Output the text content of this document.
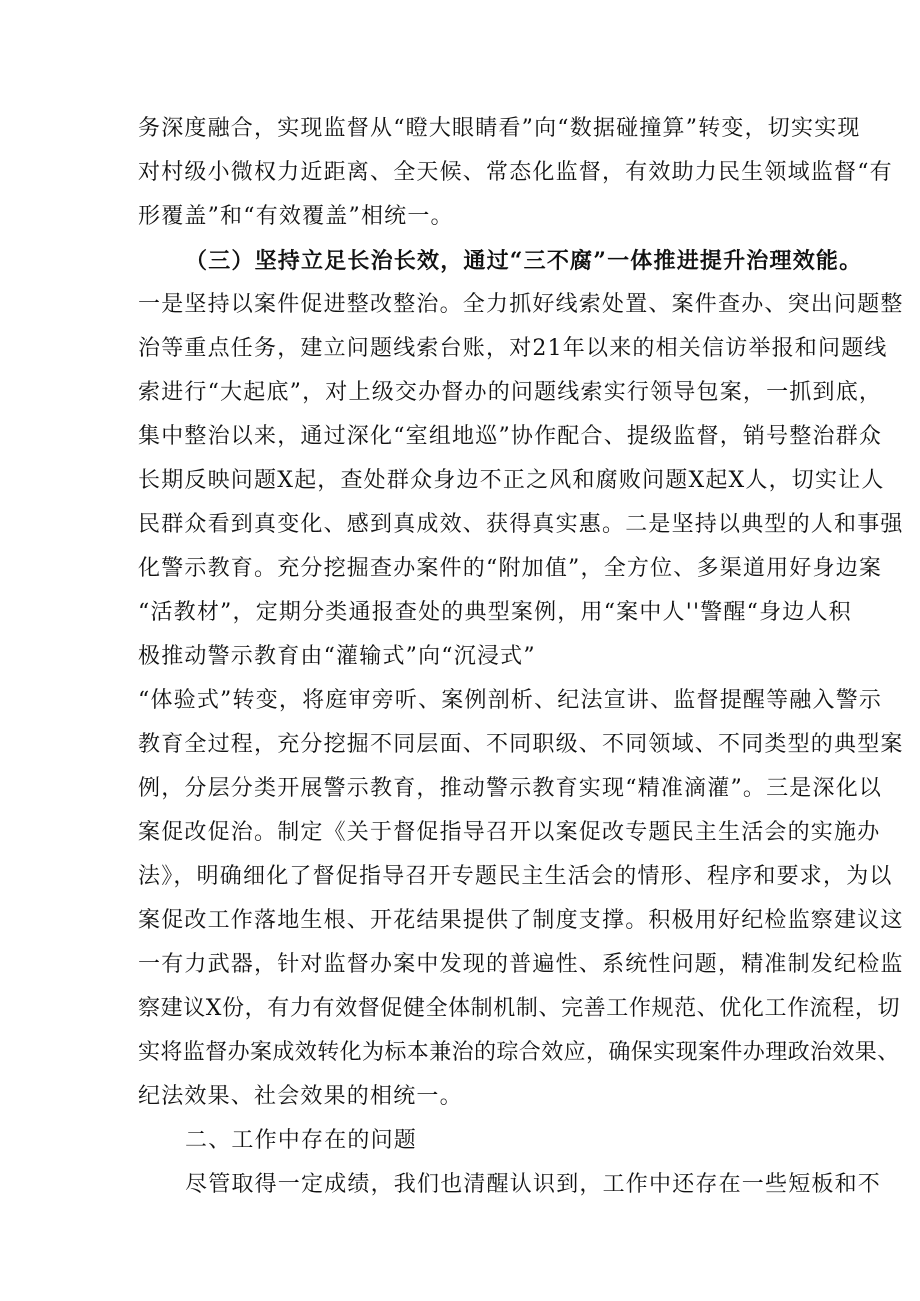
务深度融合，实现监督从“瞪大眼睛看”向“数据碰撞算”转变，切实实现
对村级小微权力近距离、全天候、常态化监督，有效助力民生领域监督“有
形覆盖”和“有效覆盖”相统一。
（三）坚持立足长治长效，通过“三不腐”一体推进提升治理效能。
一是坚持以案件促进整改整治。全力抓好线索处置、案件查办、突出问题整
治等重点任务，建立问题线索台账，对21年以来的相关信访举报和问题线
索进行“大起底”，对上级交办督办的问题线索实行领导包案，一抓到底，
集中整治以来，通过深化“室组地巡”协作配合、提级监督，销号整治群众
长期反映问题X起，查处群众身边不正之风和腐败问题X起X人，切实让人
民群众看到真变化、感到真成效、获得真实惠。二是坚持以典型的人和事强
化警示教育。充分挖掘查办案件的“附加值”，全方位、多渠道用好身边案
“活教材”，定期分类通报查处的典型案例，用“案中人''警醒“身边人积
极推动警示教育由“灌输式”向“沉浸式”
“体验式”转变，将庭审旁听、案例剖析、纪法宣讲、监督提醒等融入警示
教育全过程，充分挖掘不同层面、不同职级、不同领域、不同类型的典型案
例，分层分类开展警示教育，推动警示教育实现“精准滴灌”。三是深化以
案促改促治。制定《关于督促指导召开以案促改专题民主生活会的实施办
法》，明确细化了督促指导召开专题民主生活会的情形、程序和要求，为以
案促改工作落地生根、开花结果提供了制度支撑。积极用好纪检监察建议这
一有力武器，针对监督办案中发现的普遍性、系统性问题，精准制发纪检监
察建议X份，有力有效督促健全体制机制、完善工作规范、优化工作流程，切
实将监督办案成效转化为标本兼治的琮合效应，确保实现案件办理政治效果、
纪法效果、社会效果的相统一。
二、工作中存在的问题
尽管取得一定成绩，我们也清醒认识到，工作中还存在一些短板和不
